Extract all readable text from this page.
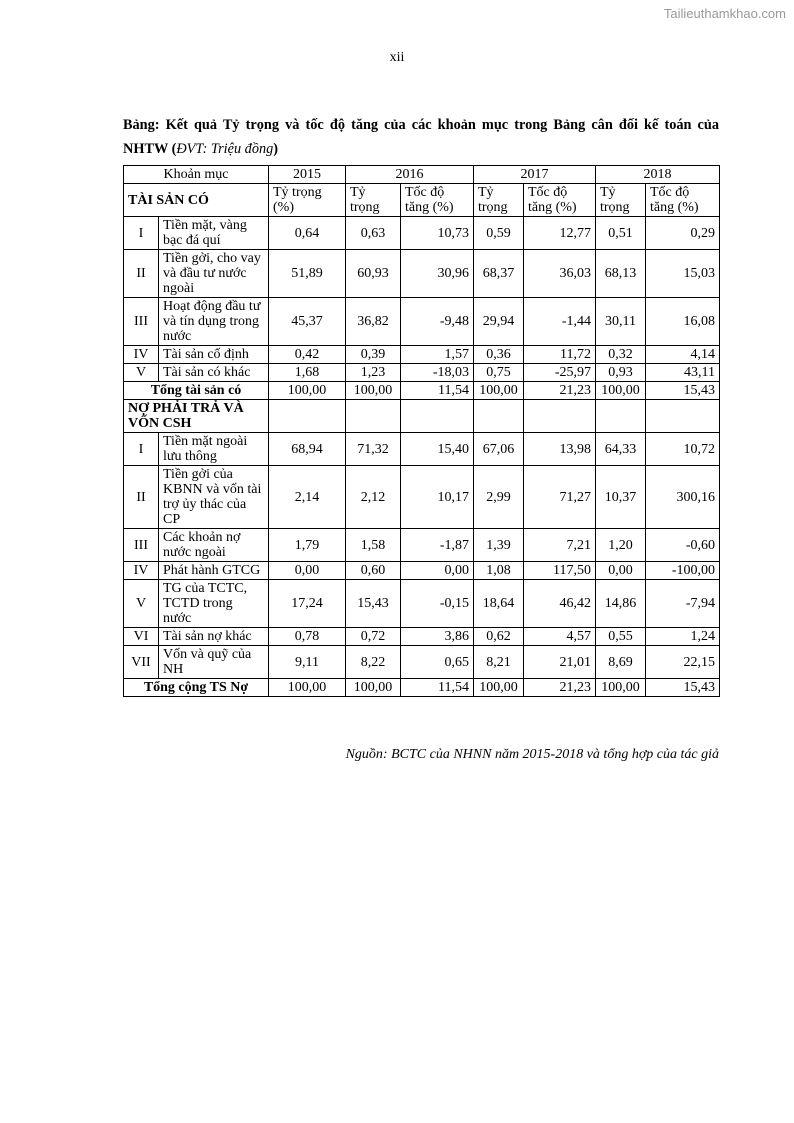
Tailieuthamkhao.com
xii
Bảng: Kết quả Tỷ trọng và tốc độ tăng của các khoản mục trong Bảng cân đối kế toán của NHTW (ĐVT: Triệu đồng)
Khoản mục		2015	2016		2017		2018	
TÀI SẢN CÓ		Tỷ trọng (%)	Tỷ trọng	Tốc độ tăng (%)	Tỷ trọng	Tốc độ tăng (%)	Tỷ trọng	Tốc độ tăng (%)
I	Tiền mặt, vàng bạc đá quí	0,64	0,63	10,73	0,59	12,77	0,51	0,29
II	Tiền gởi, cho vay và đầu tư nước ngoài	51,89	60,93	30,96	68,37	36,03	68,13	15,03
III	Hoạt động đầu tư và tín dụng trong nước	45,37	36,82	-9,48	29,94	-1,44	30,11	16,08
IV	Tài sản cố định	0,42	0,39	1,57	0,36	11,72	0,32	4,14
V	Tài sản có khác	1,68	1,23	-18,03	0,75	-25,97	0,93	43,11
Tổng tài sản có		100,00	100,00	11,54	100,00	21,23	100,00	15,43
NỢ PHẢI TRẢ VÀ VỐN CSH								
I	Tiền mặt ngoài lưu thông	68,94	71,32	15,40	67,06	13,98	64,33	10,72
II	Tiền gởi của KBNN và vốn tài trợ ủy thác của CP	2,14	2,12	10,17	2,99	71,27	10,37	300,16
III	Các khoản nợ nước ngoài	1,79	1,58	-1,87	1,39	7,21	1,20	-0,60
IV	Phát hành GTCG	0,00	0,60	0,00	1,08	117,50	0,00	-100,00
V	TG của TCTC, TCTD trong nước	17,24	15,43	-0,15	18,64	46,42	14,86	-7,94
VI	Tài sản nợ khác	0,78	0,72	3,86	0,62	4,57	0,55	1,24
VII	Vốn và quỹ của NH	9,11	8,22	0,65	8,21	21,01	8,69	22,15
Tổng cộng TS Nợ		100,00	100,00	11,54	100,00	21,23	100,00	15,43
Nguồn: BCTC của NHNN năm 2015-2018 và tổng hợp của tác giả
